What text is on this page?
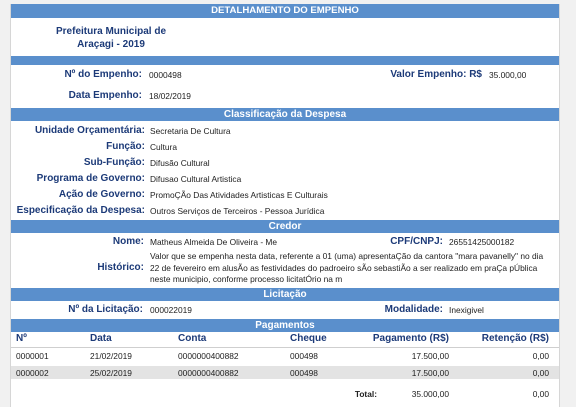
DETALHAMENTO DO EMPENHO
Prefeitura Municipal de
Araçagi - 2019
Nº do Empenho: 0000498	Valor Empenho: R$ 35.000,00
Data Empenho: 18/02/2019
Classificação da Despesa
Unidade Orçamentária: Secretaria De Cultura
Função: Cultura
Sub-Função: Difusão Cultural
Programa de Governo: Difusao Cultural Artistica
Ação de Governo: PromoÇÃo Das Atividades Artisticas E Culturais
Especificação da Despesa: Outros Serviços de Terceiros - Pessoa Jurídica
Credor
Nome: Matheus Almeida De Oliveira - Me	CPF/CNPJ: 26551425000182
Histórico:
Valor que se empenha nesta data, referente a 01 (uma) apresentaÇão da cantora "mara pavanelly" no dia 22 de fevereiro em alusÃo as festividades do padroeiro sÃo sebastiÃo a ser realizado em praÇa pÚblica neste municipio, conforme processo licitatÓrio na m
Licitação
Nº da Licitação: 000022019	Modalidade: Inexigivel
Pagamentos
Nº	Data	Conta	Cheque	Pagamento (R$)	Retenção (R$)
0000001	21/02/2019	0000000400882	000498	17.500,00	0,00
0000002	25/02/2019	0000000400882	000498	17.500,00	0,00
Total:	35.000,00	0,00
